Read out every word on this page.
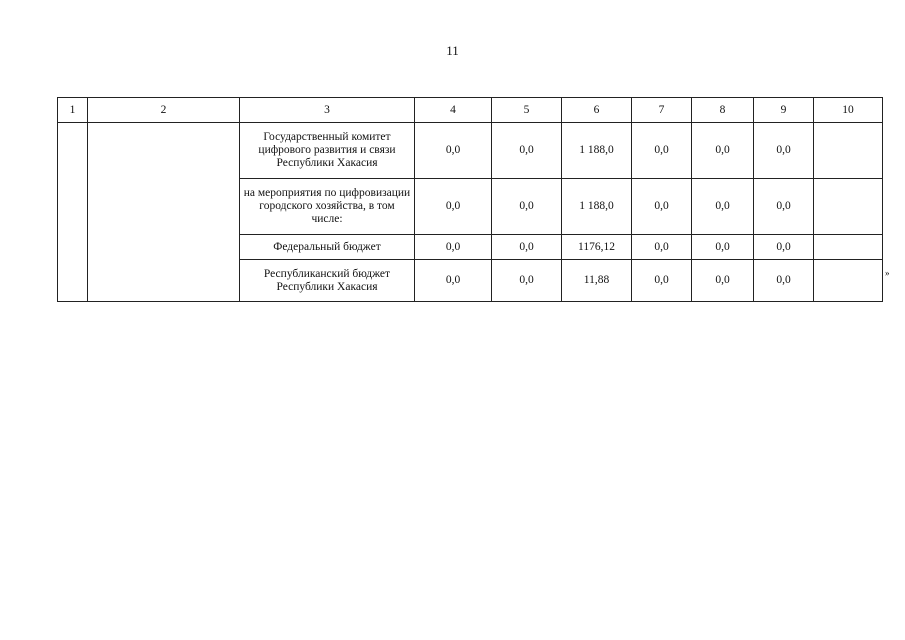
11
1	2	3	4	5	6	7	8	9	10
		Государственный комитет цифрового развития и связи Республики Хакасия	0,0	0,0	1 188,0	0,0	0,0	0,0	
		на мероприятия по цифровизации городского хозяйства, в том числе:	0,0	0,0	1 188,0	0,0	0,0	0,0	
		Федеральный бюджет	0,0	0,0	1176,12	0,0	0,0	0,0	
		Республиканский бюджет Республики Хакасия	0,0	0,0	11,88	0,0	0,0	0,0	
»
